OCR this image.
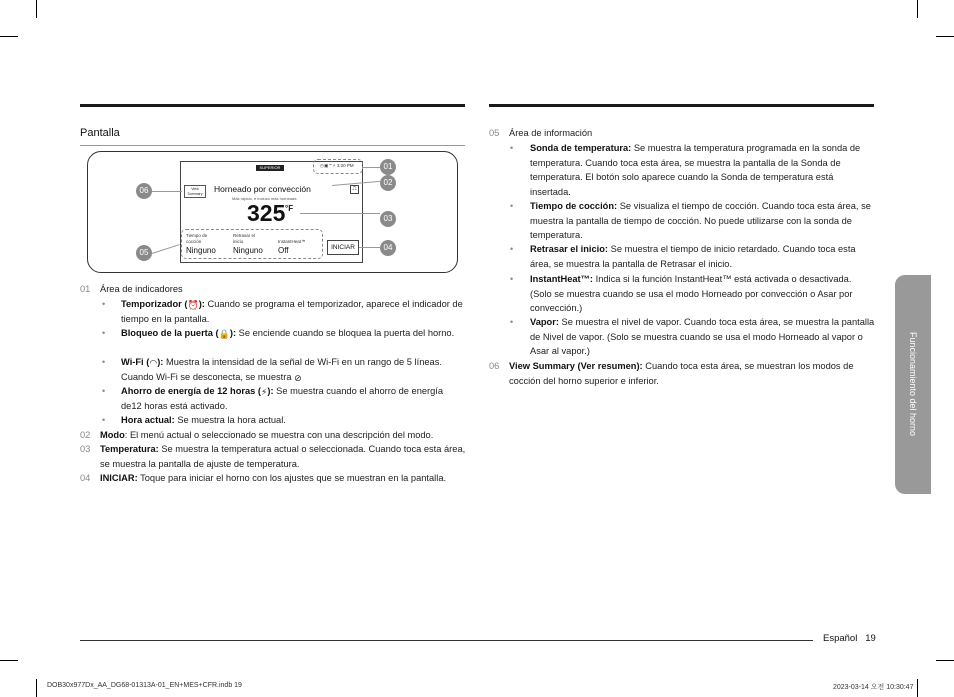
Pantalla
SUPERIOR	◷▣⌔⚡ 3:20 PM
View Summary	Horneado por convección
Más rápido, e incluso más horneada
325 °F
⎍
Tiempo de cocción
Ninguno
Retrasar el inicio
Ninguno
InstantHeat™
Off	INICIAR
01
02
03
04
05
06
01 Área de indicadores
• Temporizador (⏰): Cuando se programa el temporizador, aparece el indicador de tiempo en la pantalla.
• Bloqueo de la puerta (🔒): Se enciende cuando se bloquea la puerta del horno.
• Wi-Fi (◠): Muestra la intensidad de la señal de Wi-Fi en un rango de 5 líneas. Cuando Wi-Fi se desconecta, se muestra ⊘
• Ahorro de energía de 12 horas (⚡): Se muestra cuando el ahorro de energía de12 horas está activado.
• Hora actual: Se muestra la hora actual.
02 Modo: El menú actual o seleccionado se muestra con una descripción del modo.
03 Temperatura: Se muestra la temperatura actual o seleccionada. Cuando toca esta área, se muestra la pantalla de ajuste de temperatura.
04 INICIAR: Toque para iniciar el horno con los ajustes que se muestran en la pantalla.
05 Área de información
• Sonda de temperatura: Se muestra la temperatura programada en la sonda de temperatura. Cuando toca esta área, se muestra la pantalla de la Sonda de temperatura. El botón solo aparece cuando la Sonda de temperatura está insertada.
• Tiempo de cocción: Se visualiza el tiempo de cocción. Cuando toca esta área, se muestra la pantalla de tiempo de cocción. No puede utilizarse con la sonda de temperatura.
• Retrasar el inicio: Se muestra el tiempo de inicio retardado. Cuando toca esta área, se muestra la pantalla de Retrasar el inicio.
• InstantHeat™: Indica si la función InstantHeat™ está activada o desactivada. (Solo se muestra cuando se usa el modo Horneado por convección o Asar por convección.)
• Vapor: Se muestra el nivel de vapor. Cuando toca esta área, se muestra la pantalla de Nivel de vapor. (Solo se muestra cuando se usa el modo Horneado al vapor o Asar al vapor.)
06 View Summary (Ver resumen): Cuando toca esta área, se muestran los modos de cocción del horno superior e inferior.	Funcionamiento del horno
Español 19
DOB30x977Dx_AA_DG68-01313A-01_EN+MES+CFR.indb 19	2023-03-14 오전 10:30:47
